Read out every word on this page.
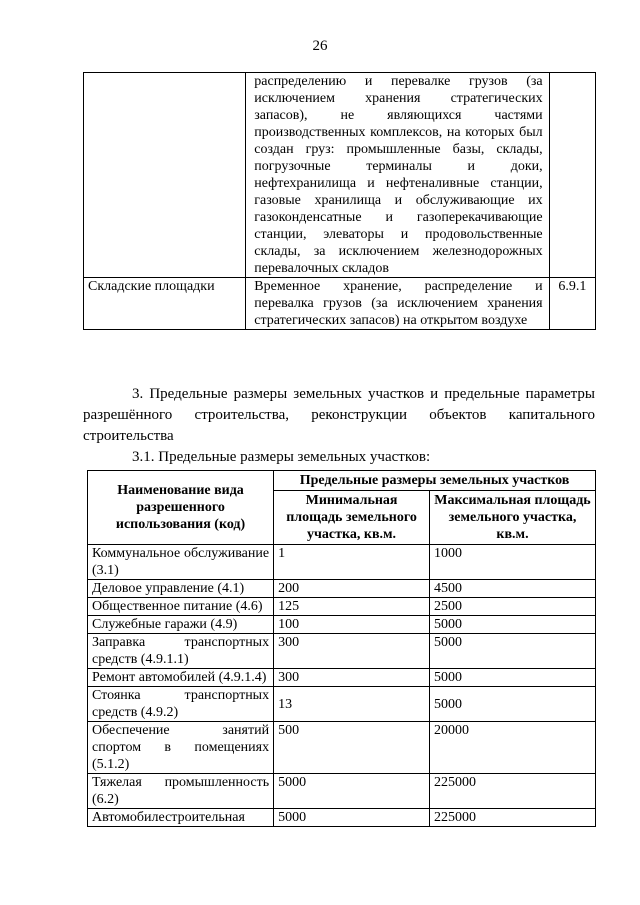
26
	распределению и перевалке грузов (за исключением хранения стратегических запасов), не являющихся частями производственных комплексов, на которых был создан груз: промышленные базы, склады, погрузочные терминалы и доки, нефтехранилища и нефтеналивные станции, газовые хранилища и обслуживающие их газоконденсатные и газоперекачивающие станции, элеваторы и продовольственные склады, за исключением железнодорожных перевалочных складов	
Складские площадки	Временное хранение, распределение и перевалка грузов (за исключением хранения стратегических запасов) на открытом воздухе	6.9.1
3. Предельные размеры земельных участков и предельные параметры разрешённого строительства, реконструкции объектов капитального строительства
3.1. Предельные размеры земельных участков:
Наименование вида разрешенного использования (код)	Предельные размеры земельных участков	
	Минимальная площадь земельного участка, кв.м.	Максимальная площадь земельного участка, кв.м.
Коммунальное обслуживание (3.1)	1	1000
Деловое управление (4.1)	200	4500
Общественное питание (4.6)	125	2500
Служебные гаражи (4.9)	100	5000
Заправка транспортных средств (4.9.1.1)	300	5000
Ремонт автомобилей (4.9.1.4)	300	5000
Стоянка транспортных средств (4.9.2)	13	5000
Обеспечение занятий спортом в помещениях (5.1.2)	500	20000
Тяжелая промышленность (6.2)	5000	225000
Автомобилестроительная	5000	225000
